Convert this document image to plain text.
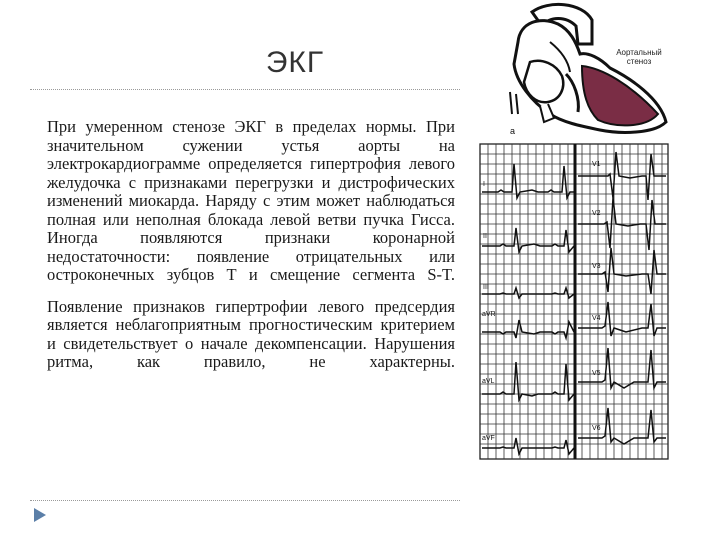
ЭКГ

При умеренном стенозе ЭКГ в пределах нормы. При значительном сужении устья аорты на электрокардиограмме определяется гипертрофия левого желудочка с признаками перегрузки и дистрофических изменений миокарда. Наряду с этим может наблюдаться полная или неполная блокада левой ветви пучка Гисса. Иногда появляются признаки коронарной недостаточности: появление отрицательных или остроконечных зубцов Т и смещение сегмента S-T.

Появление признаков гипертрофии левого предсердия является неблагоприятным прогностическим критерием и свидетельствует о начале декомпенсации. Нарушения ритма, как правило, не характерны.

а
I
II
III
aVR
aVL
aVF
V1
V2
V3
V4
V5
V6
Аортальный
стеноз
